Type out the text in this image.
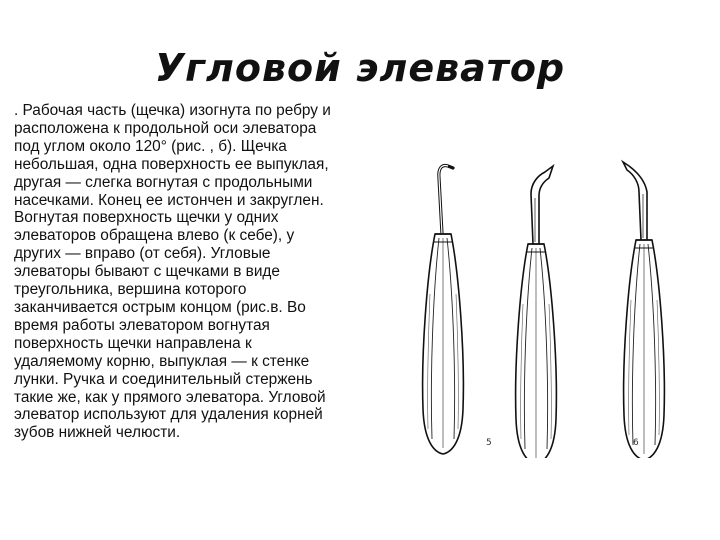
Угловой элеватор
. Рабочая часть (щечка) изогнута по ребру и
расположена к продольной оси элеватора
под углом около 120° (рис. , б). Щечка
небольшая, одна поверхность ее выпуклая,
другая — слегка вогнутая с продольными
насечками. Конец ее истончен и закруглен.
Вогнутая поверхность щечки у одних
элеваторов обращена влево (к себе), у
других — вправо (от себя). Угловые
элеваторы бывают с щечками в виде
треугольника, вершина которого
заканчивается острым концом (рис.в. Во
время работы элеватором вогнутая
поверхность щечки направлена к
удаляемому корню, выпуклая — к стенке
лунки. Ручка и соединительный стержень
такие же, как у прямого элеватора. Угловой
элеватор используют для удаления корней
зубов нижней челюсти.
5	6
